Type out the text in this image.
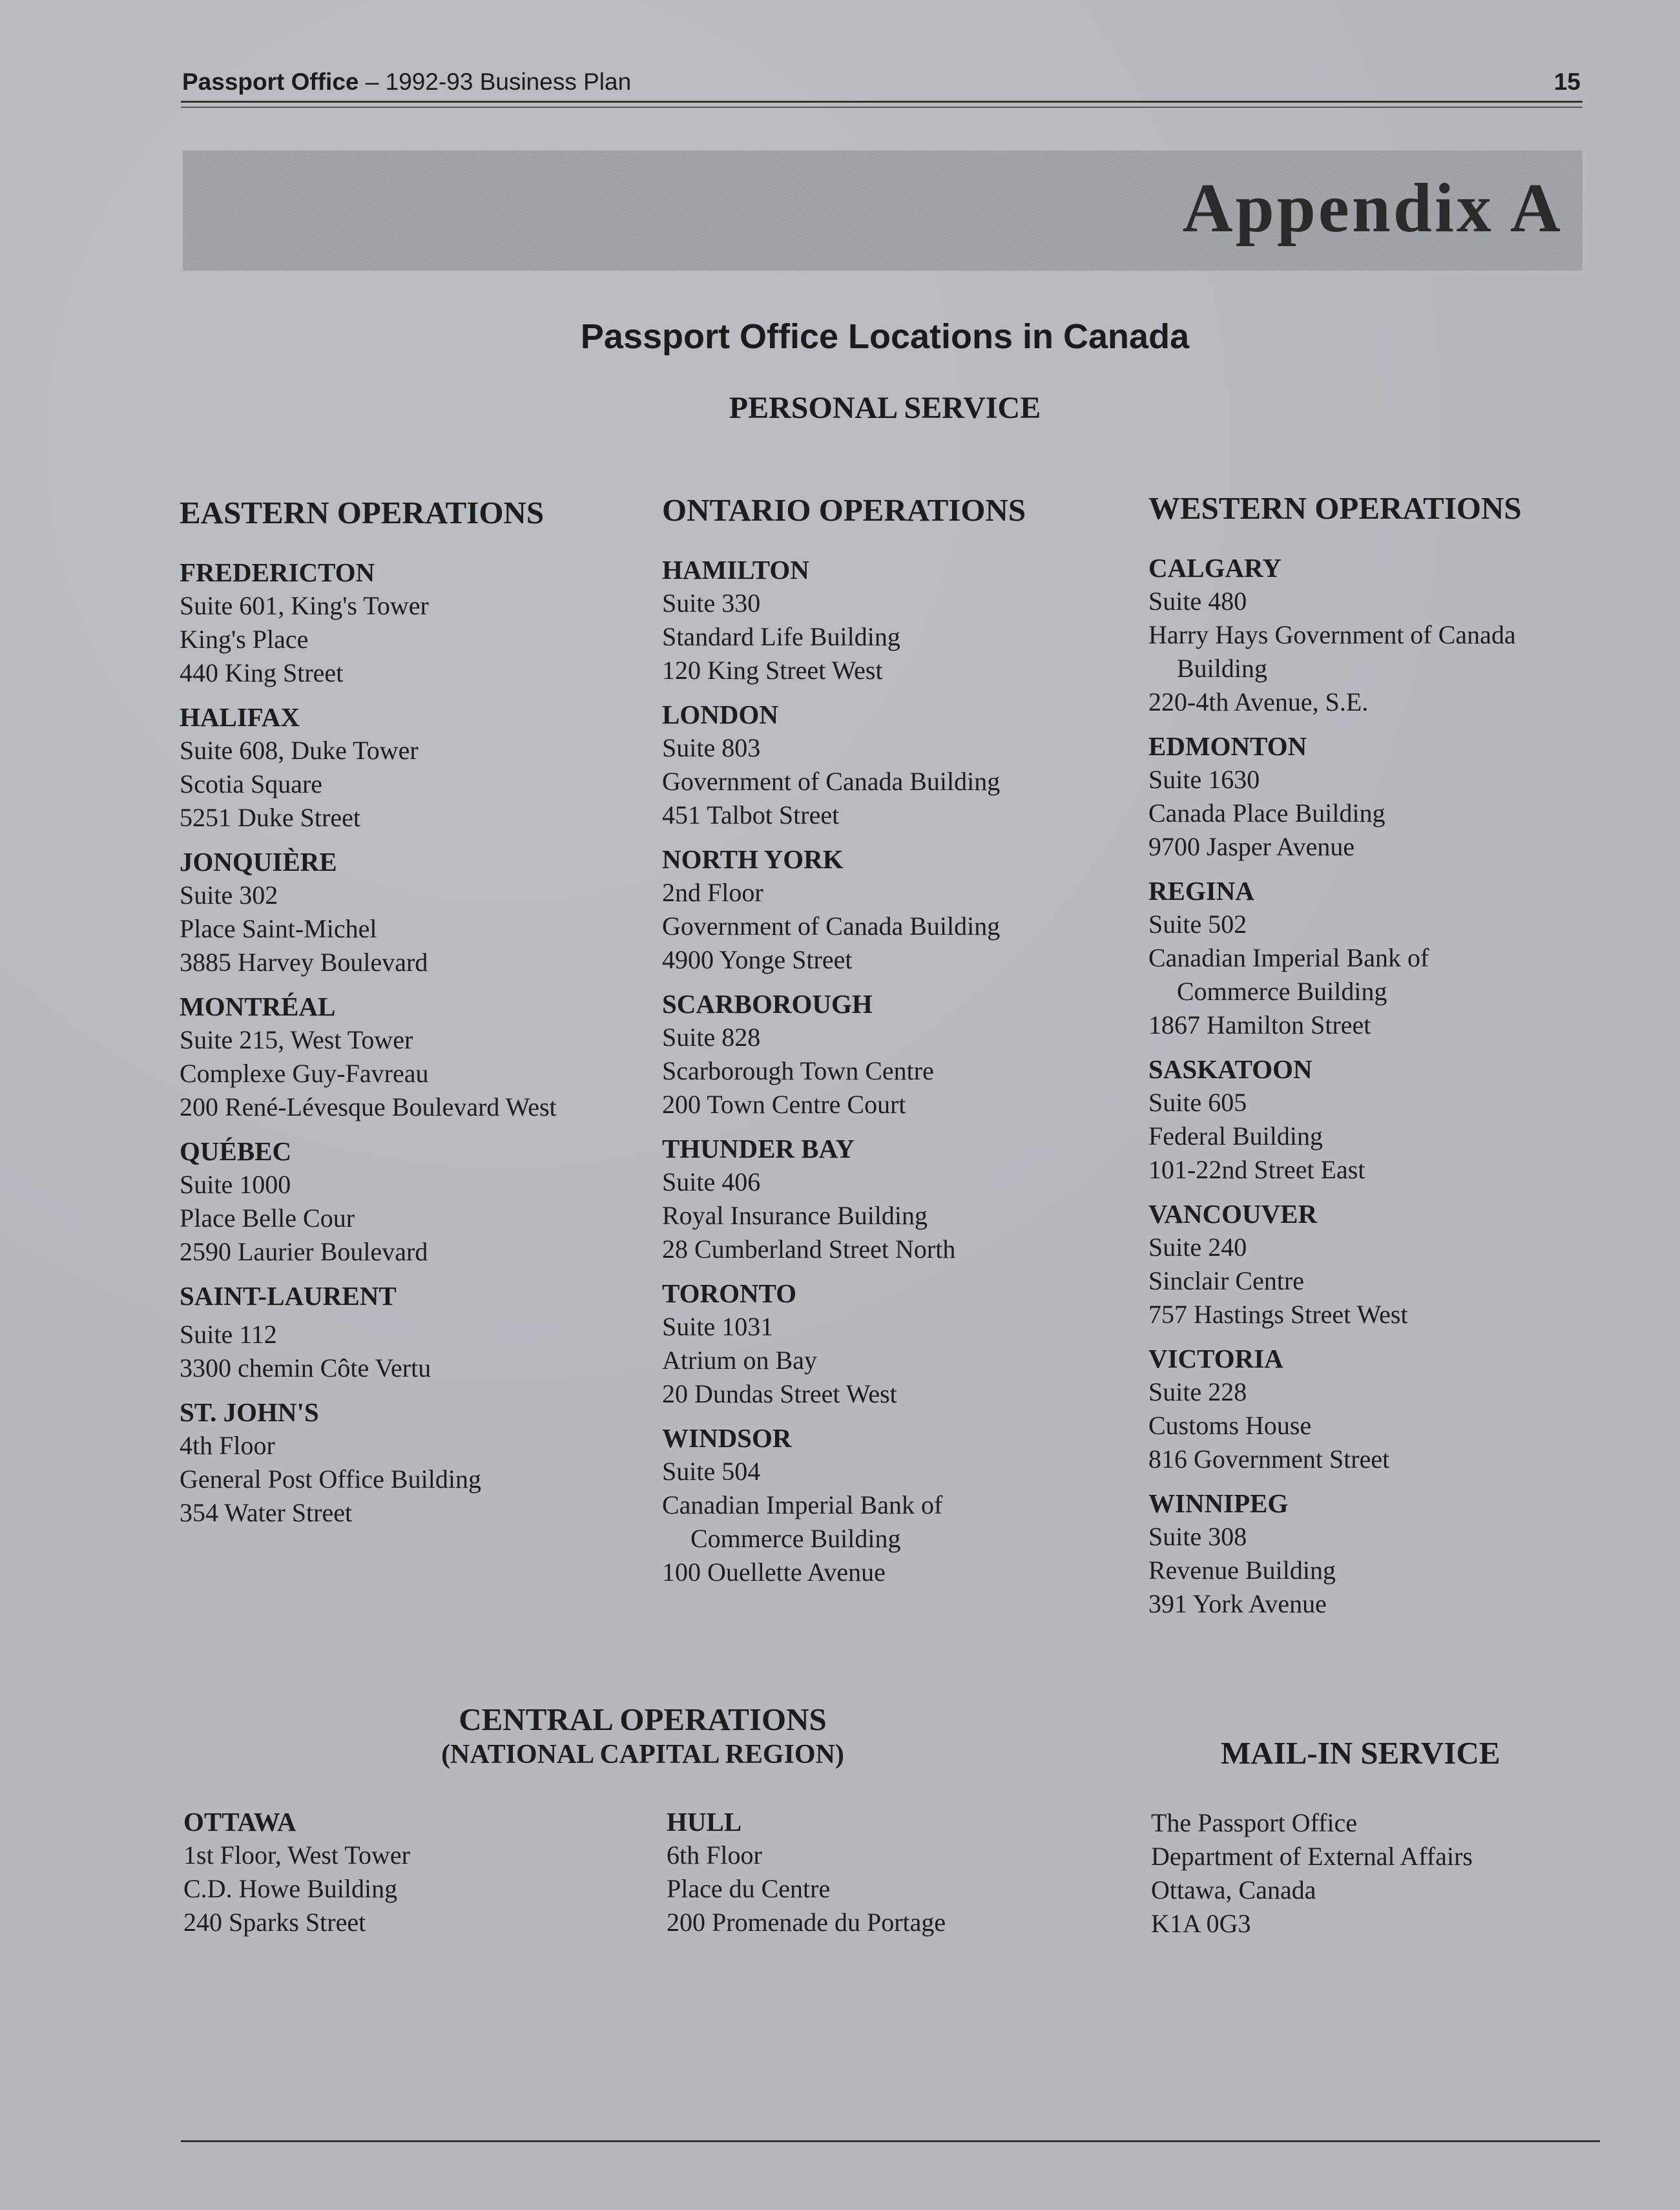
Passport Office – 1992-93 Business Plan	15
Appendix A
Passport Office Locations in Canada
PERSONAL SERVICE
EASTERN OPERATIONS
FREDERICTON
Suite 601, King's Tower
King's Place
440 King Street
HALIFAX
Suite 608, Duke Tower
Scotia Square
5251 Duke Street
JONQUIÈRE
Suite 302
Place Saint-Michel
3885 Harvey Boulevard
MONTRÉAL
Suite 215, West Tower
Complexe Guy-Favreau
200 René-Lévesque Boulevard West
QUÉBEC
Suite 1000
Place Belle Cour
2590 Laurier Boulevard
SAINT-LAURENT
Suite 112
3300 chemin Côte Vertu
ST. JOHN'S
4th Floor
General Post Office Building
354 Water Street
ONTARIO OPERATIONS
HAMILTON
Suite 330
Standard Life Building
120 King Street West
LONDON
Suite 803
Government of Canada Building
451 Talbot Street
NORTH YORK
2nd Floor
Government of Canada Building
4900 Yonge Street
SCARBOROUGH
Suite 828
Scarborough Town Centre
200 Town Centre Court
THUNDER BAY
Suite 406
Royal Insurance Building
28 Cumberland Street North
TORONTO
Suite 1031
Atrium on Bay
20 Dundas Street West
WINDSOR
Suite 504
Canadian Imperial Bank of
Commerce Building
100 Ouellette Avenue
WESTERN OPERATIONS
CALGARY
Suite 480
Harry Hays Government of Canada
Building
220-4th Avenue, S.E.
EDMONTON
Suite 1630
Canada Place Building
9700 Jasper Avenue
REGINA
Suite 502
Canadian Imperial Bank of
Commerce Building
1867 Hamilton Street
SASKATOON
Suite 605
Federal Building
101-22nd Street East
VANCOUVER
Suite 240
Sinclair Centre
757 Hastings Street West
VICTORIA
Suite 228
Customs House
816 Government Street
WINNIPEG
Suite 308
Revenue Building
391 York Avenue
CENTRAL OPERATIONS
(NATIONAL CAPITAL REGION)	MAIL-IN SERVICE
OTTAWA
1st Floor, West Tower
C.D. Howe Building
240 Sparks Street
HULL
6th Floor
Place du Centre
200 Promenade du Portage
The Passport Office
Department of External Affairs
Ottawa, Canada
K1A 0G3
